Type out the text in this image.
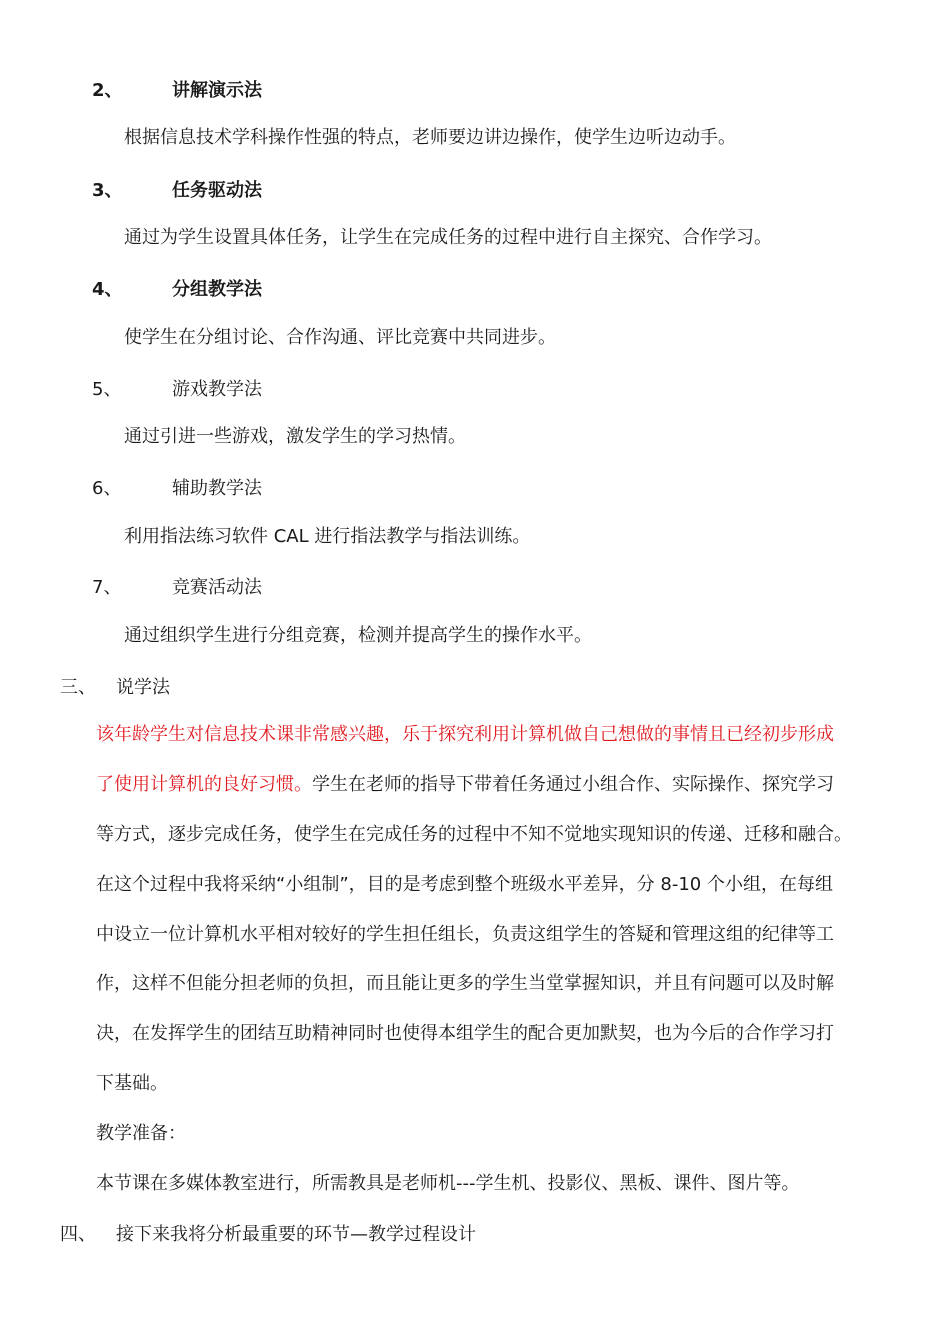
2、	讲解演示法
根据信息技术学科操作性强的特点，老师要边讲边操作，使学生边听边动手。
3、	任务驱动法
通过为学生设置具体任务，让学生在完成任务的过程中进行自主探究、合作学习。
4、	分组教学法
使学生在分组讨论、合作沟通、评比竞赛中共同进步。
5、	游戏教学法
通过引进一些游戏，激发学生的学习热情。
6、	辅助教学法
利用指法练习软件 CAL 进行指法教学与指法训练。
7、	竞赛活动法
通过组织学生进行分组竞赛，检测并提高学生的操作水平。
三、 说学法
该年龄学生对信息技术课非常感兴趣，乐于探究利用计算机做自己想做的事情且已经初步形成
了使用计算机的良好习惯。学生在老师的指导下带着任务通过小组合作、实际操作、探究学习
等方式，逐步完成任务，使学生在完成任务的过程中不知不觉地实现知识的传递、迁移和融合。
在这个过程中我将采纳“小组制”，目的是考虑到整个班级水平差异，分 8-10 个小组，在每组
中设立一位计算机水平相对较好的学生担任组长，负责这组学生的答疑和管理这组的纪律等工
作，这样不但能分担老师的负担，而且能让更多的学生当堂掌握知识，并且有问题可以及时解
决，在发挥学生的团结互助精神同时也使得本组学生的配合更加默契，也为今后的合作学习打
下基础。
教学准备：
本节课在多媒体教室进行，所需教具是老师机---学生机、投影仪、黑板、课件、图片等。
四、 接下来我将分析最重要的环节—教学过程设计
